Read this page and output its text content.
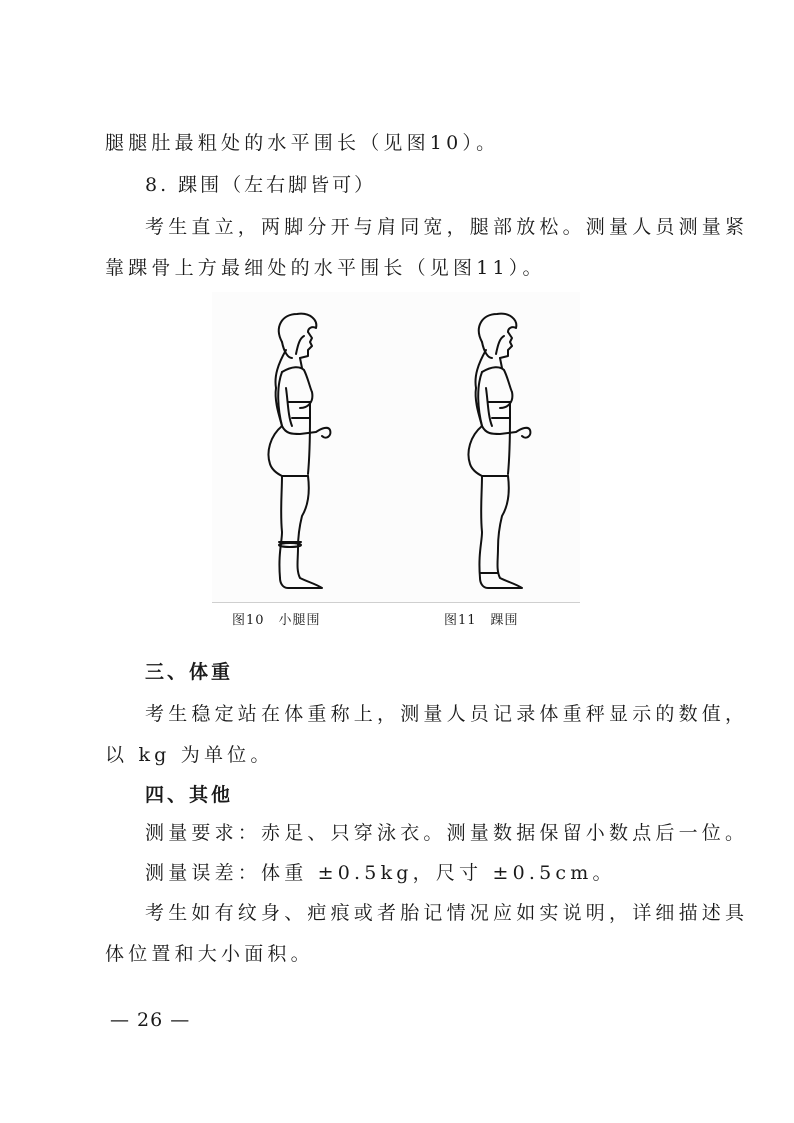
腿腿肚最粗处的水平围长（见图10）。
8. 踝围（左右脚皆可）
考生直立，两脚分开与肩同宽，腿部放松。测量人员测量紧
靠踝骨上方最细处的水平围长（见图11）。
图10 小腿围	图11 踝围
三、体重
考生稳定站在体重称上，测量人员记录体重秤显示的数值，
以 kg 为单位。
四、其他
测量要求：赤足、只穿泳衣。测量数据保留小数点后一位。
测量误差：体重 ±0.5kg，尺寸 ±0.5cm。
考生如有纹身、疤痕或者胎记情况应如实说明，详细描述具
体位置和大小面积。
— 26 —
